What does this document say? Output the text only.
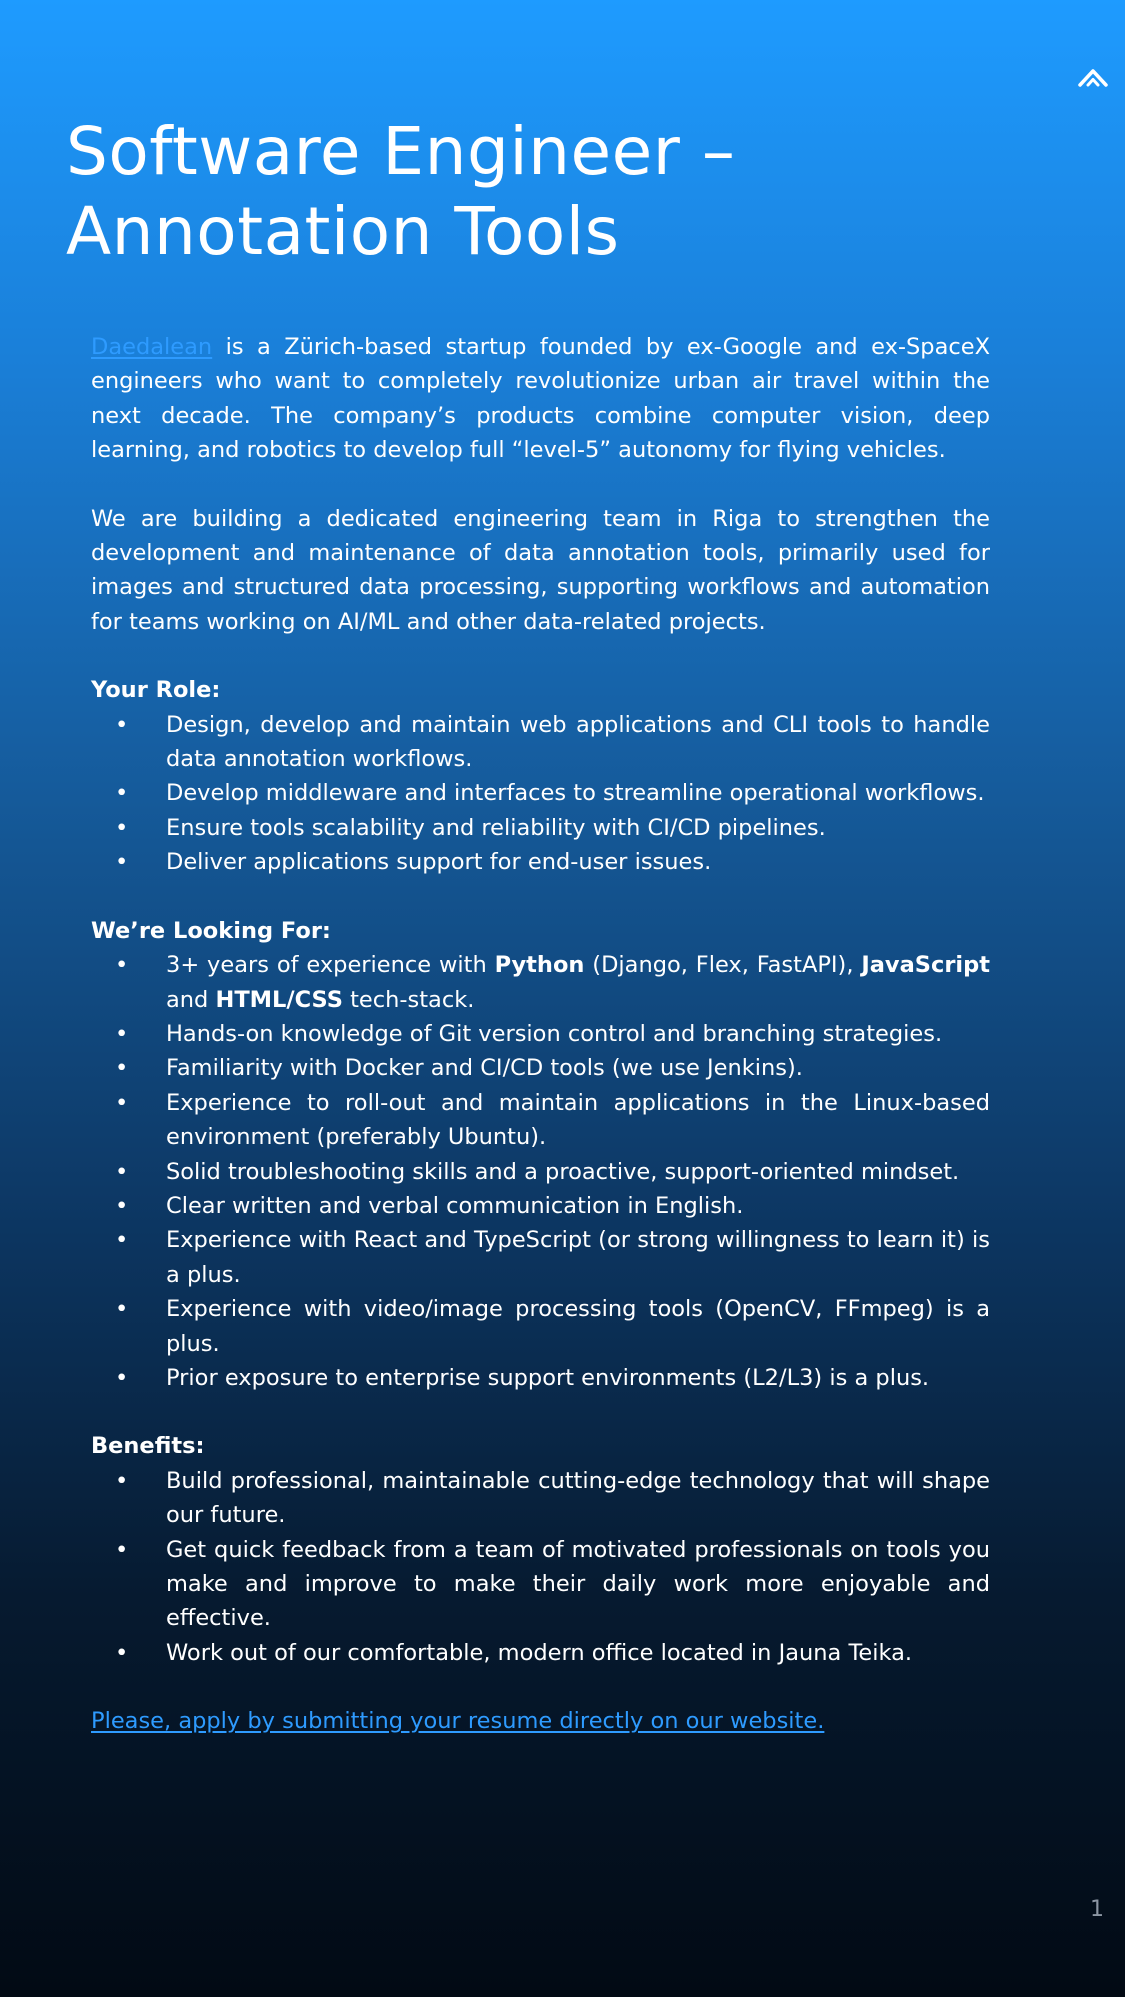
Software Engineer –
Annotation Tools

Daedalean is a Zürich-based startup founded by ex-Google and ex-SpaceX engineers who want to completely revolutionize urban air travel within the next decade. The company’s products combine computer vision, deep learning, and robotics to develop full “level-5” autonomy for flying vehicles.

We are building a dedicated engineering team in Riga to strengthen the development and maintenance of data annotation tools, primarily used for images and structured data processing, supporting workflows and automation for teams working on AI/ML and other data-related projects.

Your Role:

• Design, develop and maintain web applications and CLI tools to handle data annotation workflows.
• Develop middleware and interfaces to streamline operational workflows.
• Ensure tools scalability and reliability with CI/CD pipelines.
• Deliver applications support for end-user issues.

We’re Looking For:

• 3+ years of experience with Python (Django, Flex, FastAPI), JavaScript and HTML/CSS tech-stack.
• Hands-on knowledge of Git version control and branching strategies.
• Familiarity with Docker and CI/CD tools (we use Jenkins).
• Experience to roll-out and maintain applications in the Linux-based environment (preferably Ubuntu).
• Solid troubleshooting skills and a proactive, support-oriented mindset.
• Clear written and verbal communication in English.
• Experience with React and TypeScript (or strong willingness to learn it) is a plus.
• Experience with video/image processing tools (OpenCV, FFmpeg) is a plus.
• Prior exposure to enterprise support environments (L2/L3) is a plus.

Benefits:

• Build professional, maintainable cutting-edge technology that will shape our future.
• Get quick feedback from a team of motivated professionals on tools you make and improve to make their daily work more enjoyable and effective.
• Work out of our comfortable, modern office located in Jauna Teika.

Please, apply by submitting your resume directly on our website.

1
